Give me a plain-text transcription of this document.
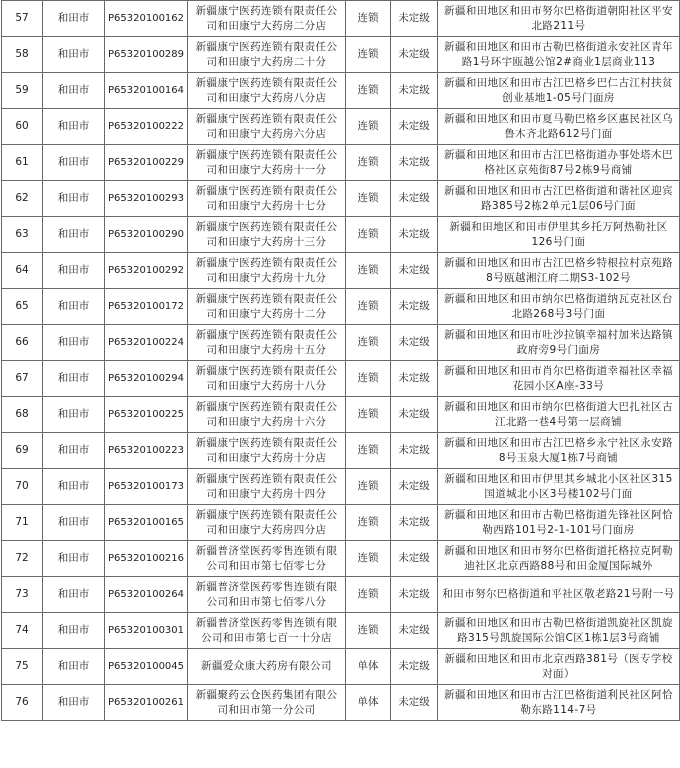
57	和田市	P65320100162	新疆康宁医药连锁有限责任公司和田康宁大药房二分店	连锁	未定级	新疆和田地区和田市努尔巴格街道朝阳社区平安北路211号
58	和田市	P65320100289	新疆康宁医药连锁有限责任公司和田康宁大药房二十分	连锁	未定级	新疆和田地区和田市古勒巴格街道永安社区青年路1号环宇瓯越公馆2#商业1层商业113
59	和田市	P65320100164	新疆康宁医药连锁有限责任公司和田康宁大药房八分店	连锁	未定级	新疆和田地区和田市古江巴格乡巴仁古江村扶贫创业基地1-05号门面房
60	和田市	P65320100222	新疆康宁医药连锁有限责任公司和田康宁大药房六分店	连锁	未定级	新疆和田地区和田市夏马勒巴格乡区惠民社区乌鲁木齐北路612号门面
61	和田市	P65320100229	新疆康宁医药连锁有限责任公司和田康宁大药房十一分	连锁	未定级	新疆和田地区和田市古江巴格街道办事处塔木巴格社区京苑街87号2栋9号商铺
62	和田市	P65320100293	新疆康宁医药连锁有限责任公司和田康宁大药房十七分	连锁	未定级	新疆和田地区和田市古江巴格街道和谐社区迎宾路385号2栋2单元1层06号门面
63	和田市	P65320100290	新疆康宁医药连锁有限责任公司和田康宁大药房十三分	连锁	未定级	新疆和田地区和田市伊里其乡托万阿热勒社区126号门面
64	和田市	P65320100292	新疆康宁医药连锁有限责任公司和田康宁大药房十九分	连锁	未定级	新疆和田地区和田市古江巴格乡特根拉村京苑路8号瓯越湘江府二期S3-102号
65	和田市	P65320100172	新疆康宁医药连锁有限责任公司和田康宁大药房十二分	连锁	未定级	新疆和田地区和田市纳尔巴格街道纳瓦克社区台北路268号3号门面
66	和田市	P65320100224	新疆康宁医药连锁有限责任公司和田康宁大药房十五分	连锁	未定级	新疆和田地区和田市吐沙拉镇幸福村加米达路镇政府旁9号门面房
67	和田市	P65320100294	新疆康宁医药连锁有限责任公司和田康宁大药房十八分	连锁	未定级	新疆和田地区和田市肖尔巴格街道幸福社区幸福花园小区A座-33号
68	和田市	P65320100225	新疆康宁医药连锁有限责任公司和田康宁大药房十六分	连锁	未定级	新疆和田地区和田市纳尔巴格街道大巴扎社区古江北路一巷4号第一层商铺
69	和田市	P65320100223	新疆康宁医药连锁有限责任公司和田康宁大药房十分店	连锁	未定级	新疆和田地区和田市古江巴格乡永宁社区永安路8号玉泉大厦1栋7号商铺
70	和田市	P65320100173	新疆康宁医药连锁有限责任公司和田康宁大药房十四分	连锁	未定级	新疆和田地区和田市伊里其乡城北小区社区315国道城北小区3号楼102号门面
71	和田市	P65320100165	新疆康宁医药连锁有限责任公司和田康宁大药房四分店	连锁	未定级	新疆和田地区和田市古勒巴格街道先锋社区阿恰勒西路101号2-1-101号门面房
72	和田市	P65320100216	新疆普济堂医药零售连锁有限公司和田市第七佰零七分	连锁	未定级	新疆和田地区和田市努尔巴格街道托格拉克阿勒迪社区北京西路88号和田金厦国际城外
73	和田市	P65320100264	新疆普济堂医药零售连锁有限公司和田市第七佰零八分	连锁	未定级	和田市努尔巴格街道和平社区敬老路21号附一号
74	和田市	P65320100301	新疆普济堂医药零售连锁有限公司和田市第七百一十分店	连锁	未定级	新疆和田地区和田市古勒巴格街道凯旋社区凯旋路315号凯旋国际公馆C区1栋1层3号商铺
75	和田市	P65320100045	新疆爱众康大药房有限公司	单体	未定级	新疆和田地区和田市北京西路381号（医专学校对面）
76	和田市	P65320100261	新疆聚药云仓医药集团有限公司和田市第一分公司	单体	未定级	新疆和田地区和田市古江巴格街道利民社区阿恰勒东路114-7号
